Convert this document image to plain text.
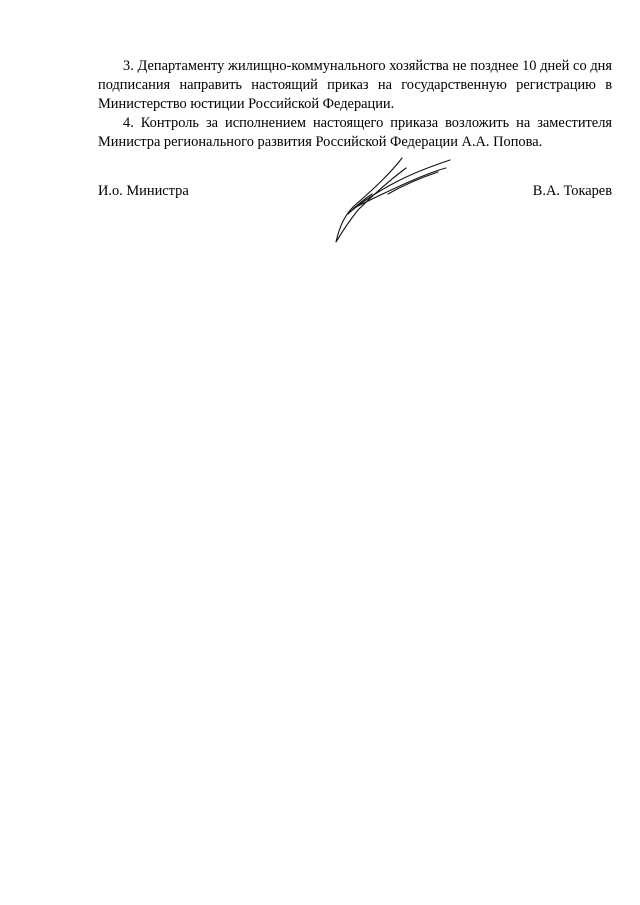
3. Департаменту жилищно-коммунального хозяйства не позднее 10 дней со дня подписания направить настоящий приказ на государственную регистрацию в Министерство юстиции Российской Федерации.

4. Контроль за исполнением настоящего приказа возложить на заместителя Министра регионального развития Российской Федерации А.А. Попова.

И.о. Министра	В.А. Токарев
